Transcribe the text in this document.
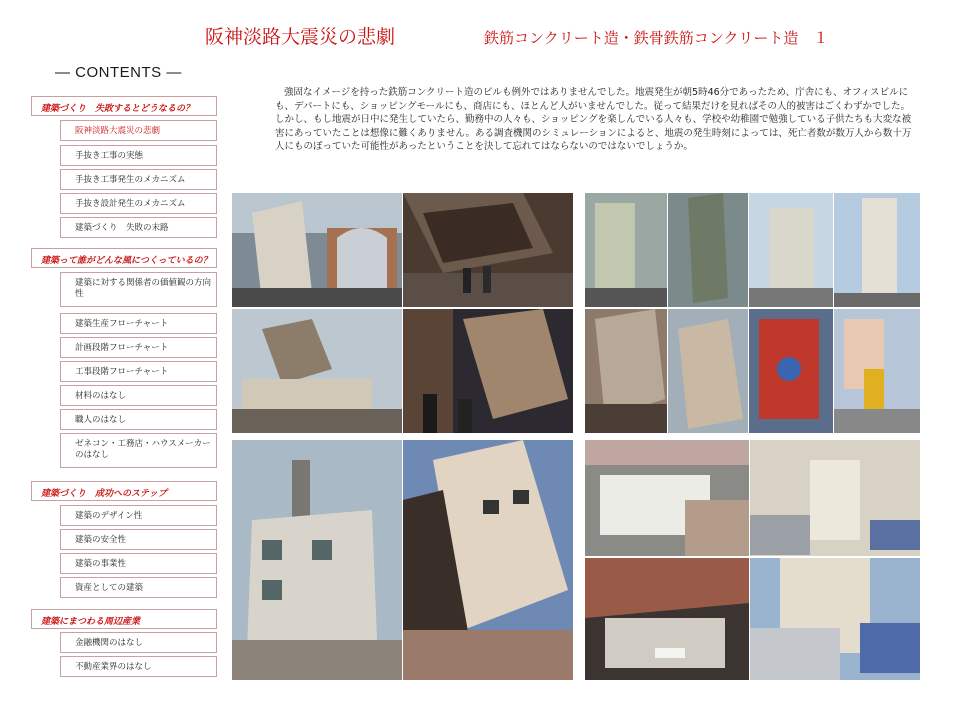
阪神淡路大震災の悲劇	鉄筋コンクリート造・鉄骨鉄筋コンクリート造　１
― CONTENTS ―
建築づくり　失敗するとどうなるの？
阪神淡路大震災の悲劇
手抜き工事の実態
手抜き工事発生のメカニズム
手抜き設計発生のメカニズム
建築づくり　失敗の末路
建築って誰がどんな風につくっているの？
建築に対する関係者の価値観の方向性
建築生産フローチャート
計画段階フローチャート
工事段階フローチャート
材料のはなし
職人のはなし
ゼネコン・工務店・ハウスメーカーのはなし
建築づくり　成功へのステップ
建築のデザイン性
建築の安全性
建築の事業性
資産としての建築
建築にまつわる周辺産業
金融機関のはなし
不動産業界のはなし

強固なイメージを持った鉄筋コンクリート造のビルも例外ではありませんでした。地震発生が朝5時46分であったため、庁舎にも、オフィスビルにも、デパートにも、ショッピングモールにも、商店にも、ほとんど人がいませんでした。従って結果だけを見ればその人的被害はごくわずかでした。しかし、もし地震が日中に発生していたら、勤務中の人々も、ショッピングを楽しんでいる人々も、学校や幼稚園で勉強している子供たちも大変な被害にあっていたことは想像に難くありません。ある調査機関のシミュレーションによると、地震の発生時刻によっては、死亡者数が数万人から数十万人にものぼっていた可能性があったということを決して忘れてはならないのではないでしょうか。
